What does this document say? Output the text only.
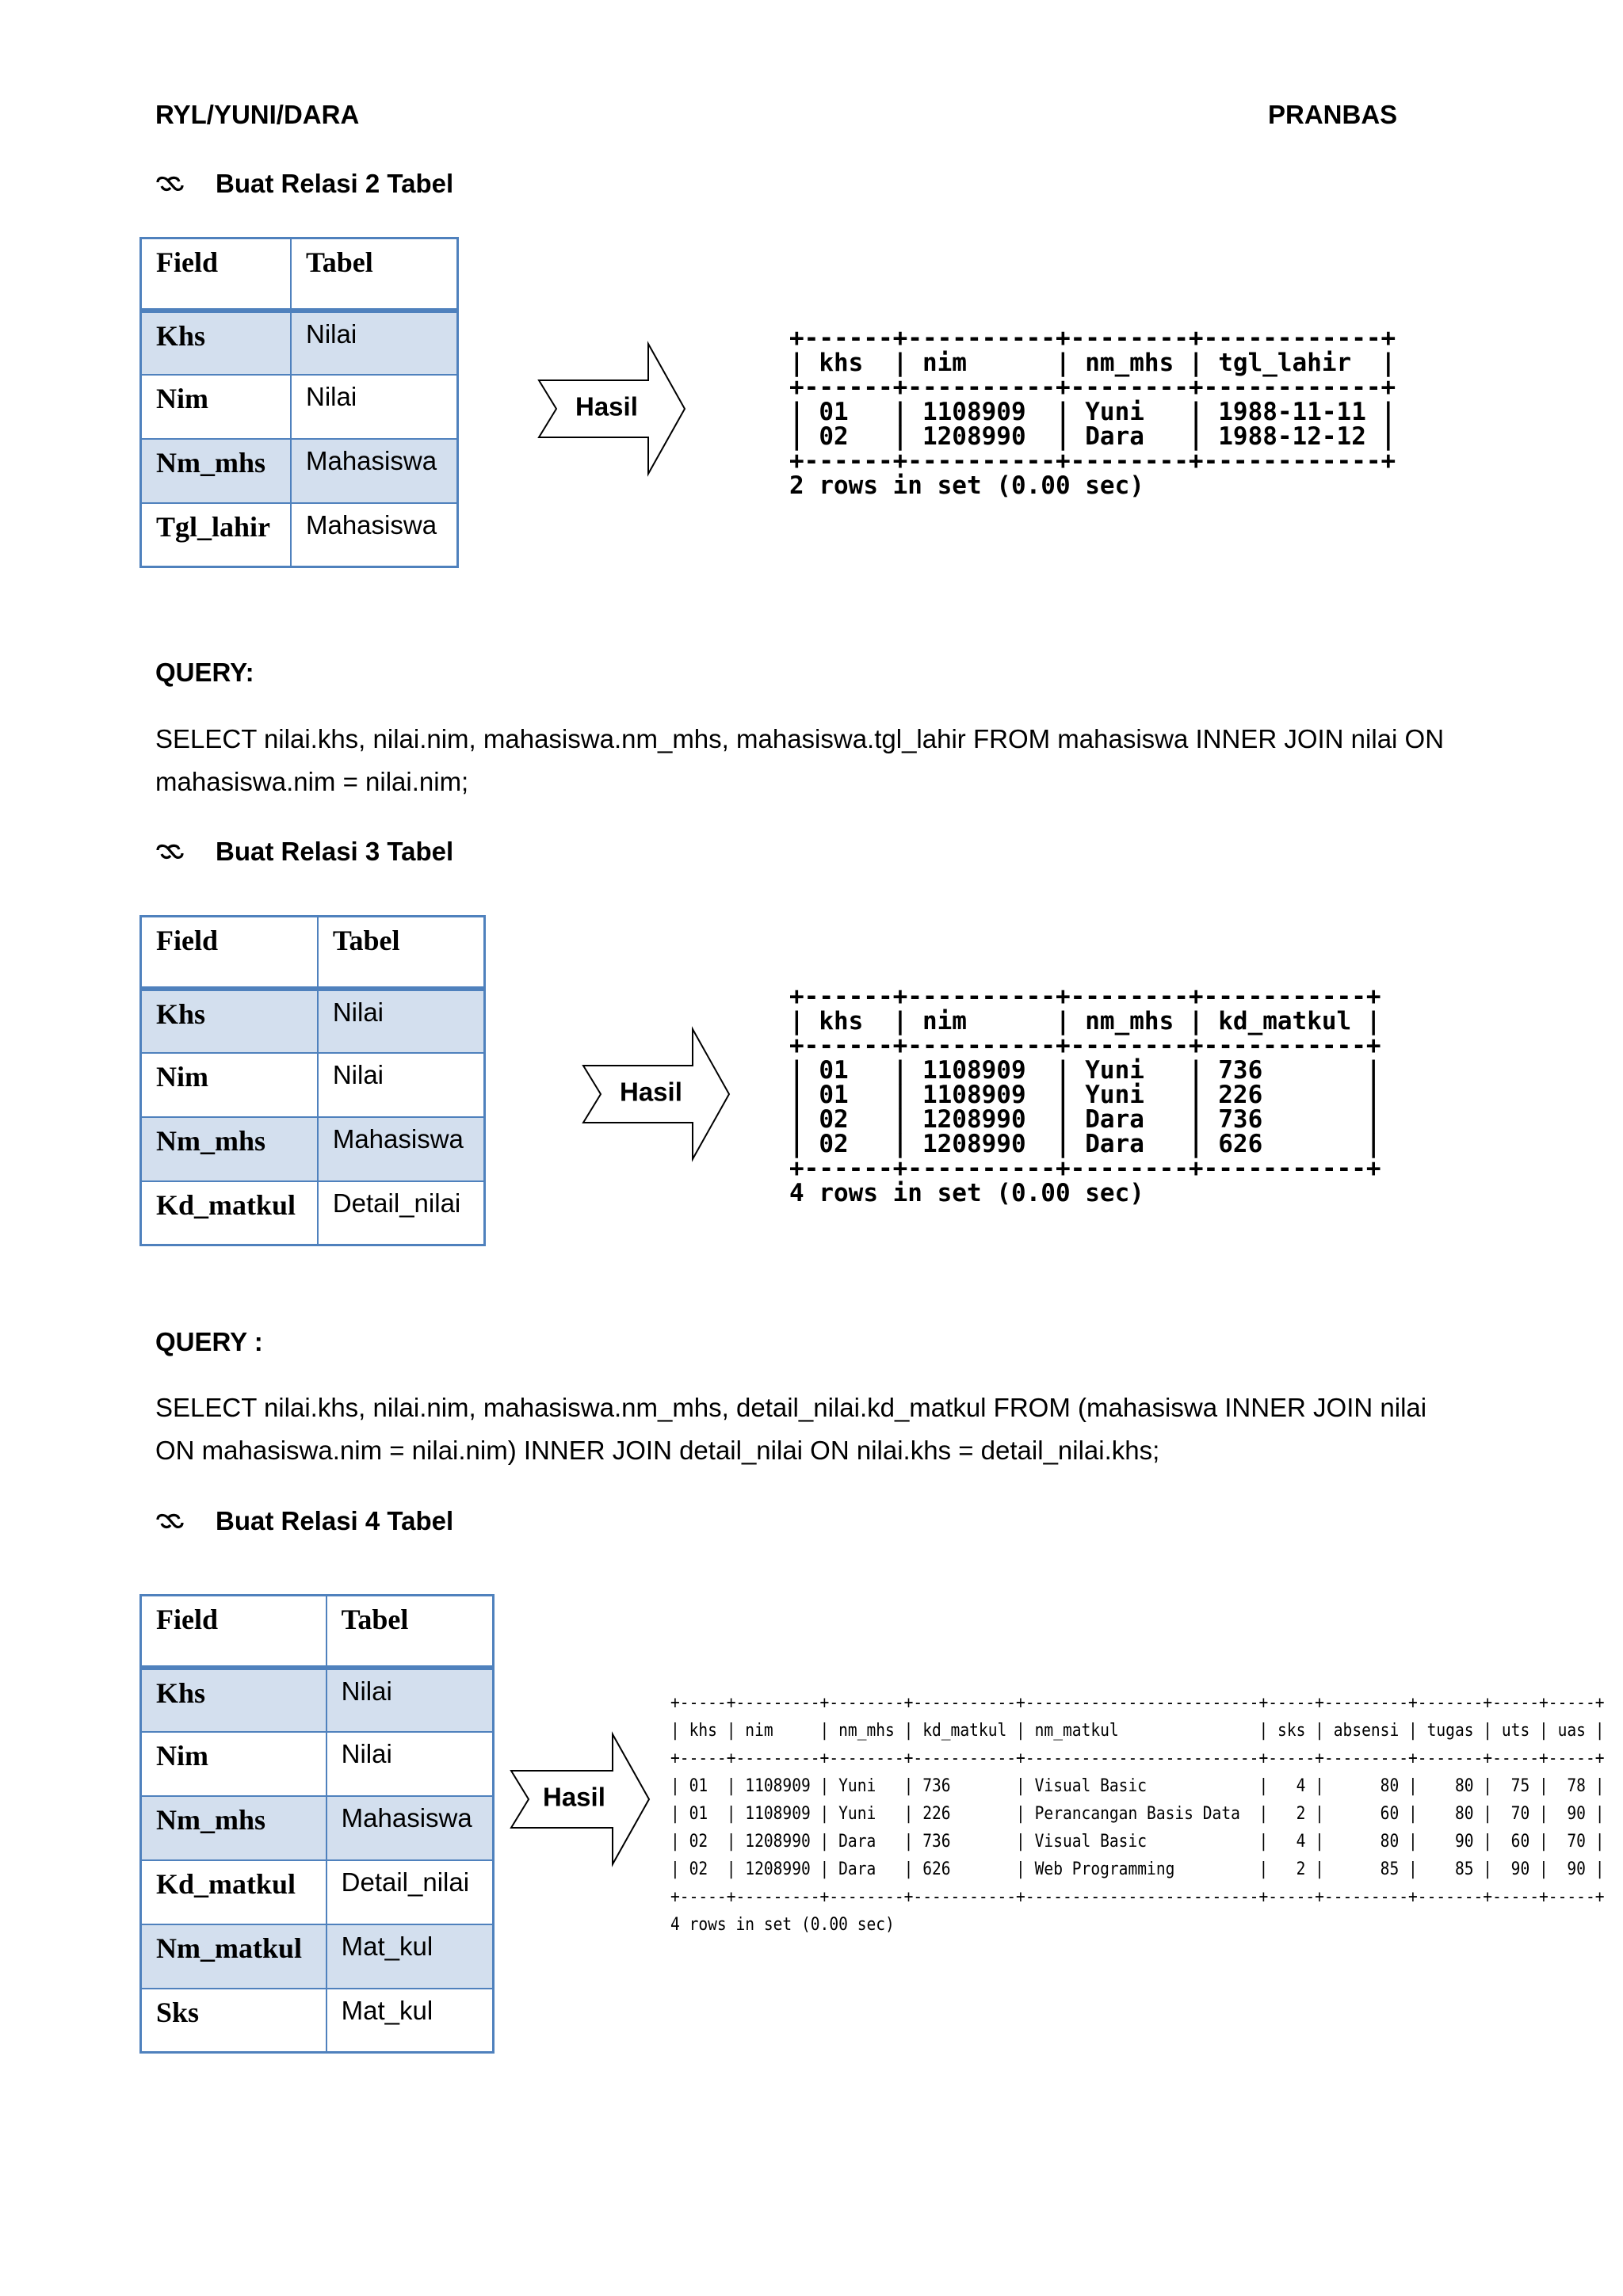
RYL/YUNI/DARA	PRANBAS
Buat Relasi 2 Tabel
Field	Tabel
Khs	Nilai
Nim	Nilai
Nm_mhs	Mahasiswa
Tgl_lahir	Mahasiswa
Hasil
+------+----------+--------+------------+
| khs  | nim      | nm_mhs | tgl_lahir  |
+------+----------+--------+------------+
| 01   | 1108909  | Yuni   | 1988-11-11 |
| 02   | 1208990  | Dara   | 1988-12-12 |
+------+----------+--------+------------+
2 rows in set (0.00 sec)
QUERY:
SELECT nilai.khs, nilai.nim, mahasiswa.nm_mhs, mahasiswa.tgl_lahir FROM mahasiswa INNER JOIN nilai ON
mahasiswa.nim = nilai.nim;
Buat Relasi 3 Tabel
Field	Tabel
Khs	Nilai
Nim	Nilai
Nm_mhs	Mahasiswa
Kd_matkul	Detail_nilai
Hasil
+------+----------+--------+-----------+
| khs  | nim      | nm_mhs | kd_matkul |
+------+----------+--------+-----------+
| 01   | 1108909  | Yuni   | 736       |
| 01   | 1108909  | Yuni   | 226       |
| 02   | 1208990  | Dara   | 736       |
| 02   | 1208990  | Dara   | 626       |
+------+----------+--------+-----------+
4 rows in set (0.00 sec)
QUERY :
SELECT nilai.khs, nilai.nim, mahasiswa.nm_mhs, detail_nilai.kd_matkul FROM (mahasiswa INNER JOIN nilai
ON mahasiswa.nim = nilai.nim) INNER JOIN detail_nilai ON nilai.khs = detail_nilai.khs;
Buat Relasi 4 Tabel
Field	Tabel
Khs	Nilai
Nim	Nilai
Nm_mhs	Mahasiswa
Kd_matkul	Detail_nilai
Nm_matkul	Mat_kul
Sks	Mat_kul
Hasil
+-----+---------+--------+-----------+-------------------------+-----+---------+-------+-----+-----+
| khs | nim     | nm_mhs | kd_matkul | nm_matkul               | sks | absensi | tugas | uts | uas |
+-----+---------+--------+-----------+-------------------------+-----+---------+-------+-----+-----+
| 01  | 1108909 | Yuni   | 736       | Visual Basic            |   4 |      80 |    80 |  75 |  78 |
| 01  | 1108909 | Yuni   | 226       | Perancangan Basis Data  |   2 |      60 |    80 |  70 |  90 |
| 02  | 1208990 | Dara   | 736       | Visual Basic            |   4 |      80 |    90 |  60 |  70 |
| 02  | 1208990 | Dara   | 626       | Web Programming         |   2 |      85 |    85 |  90 |  90 |
+-----+---------+--------+-----------+-------------------------+-----+---------+-------+-----+-----+
4 rows in set (0.00 sec)
